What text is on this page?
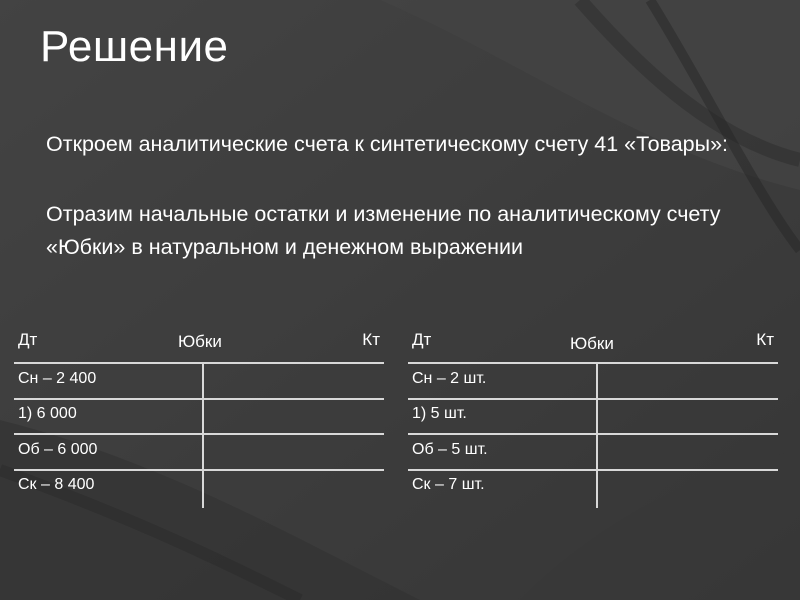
Решение
Откроем аналитические счета к синтетическому счету 41 «Товары»:
Отразим начальные остатки и изменение по аналитическому счету «Юбки» в натуральном и денежном выражении
Дт	Юбки	Кт
Сн – 2 400
1) 6 000
Об – 6 000
Ск – 8 400
Дт	Юбки	Кт
Сн – 2 шт.
1) 5 шт.
Об – 5 шт.
Ск – 7 шт.
